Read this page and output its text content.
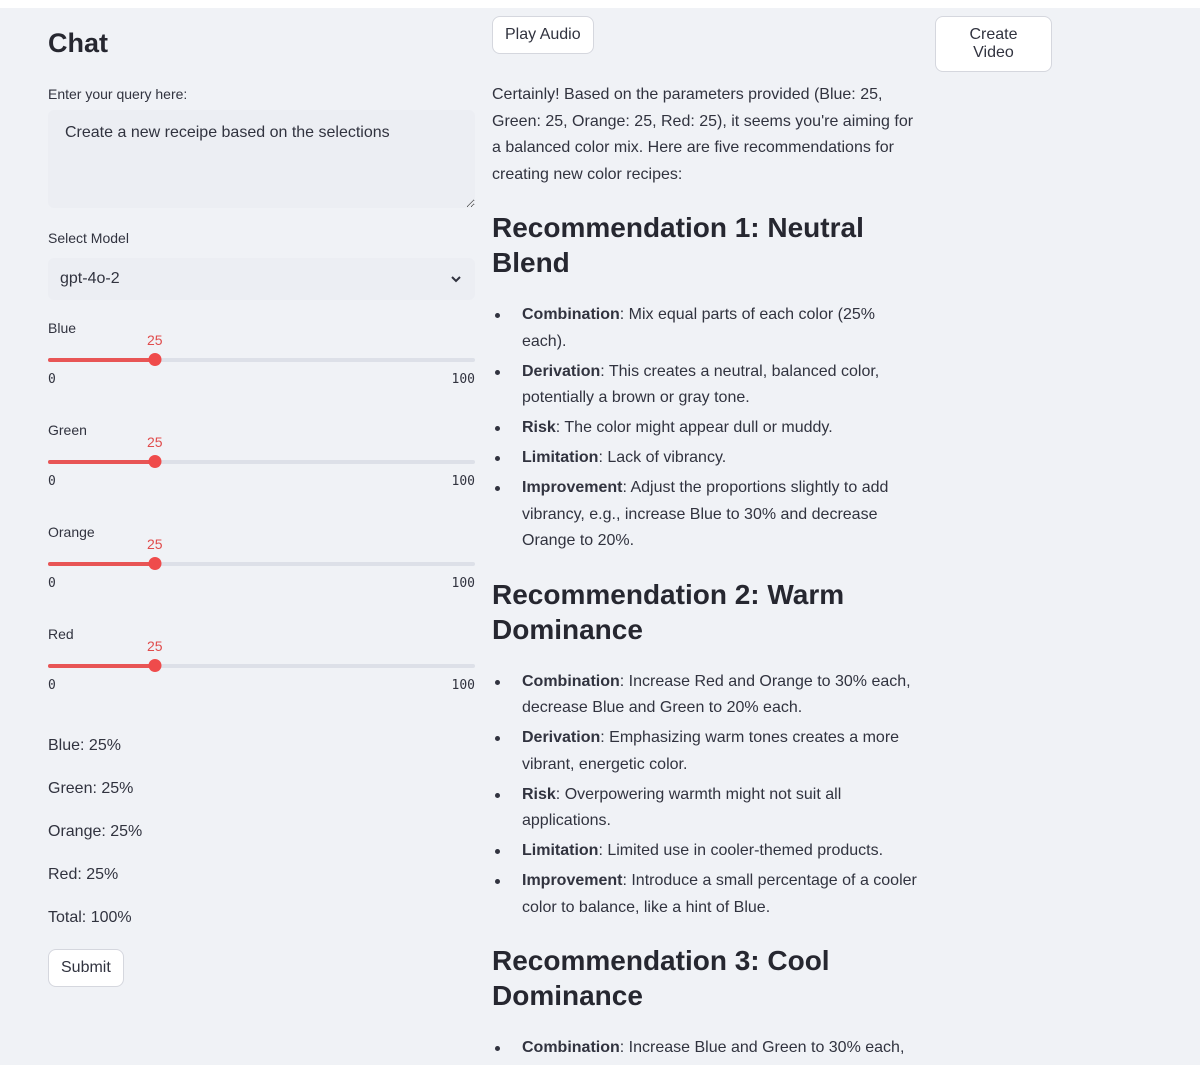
Chat
Enter your query here:
Create a new receipe based on the selections
Select Model
gpt-4o-2
Blue
25
0	100
Green
25
0	100
Orange
25
0	100
Red
25
0	100
Blue: 25%
Green: 25%
Orange: 25%
Red: 25%
Total: 100%
Submit
Play Audio	Create Video

Certainly! Based on the parameters provided (Blue: 25, Green: 25, Orange: 25, Red: 25), it seems you're aiming for a balanced color mix. Here are five recommendations for creating new color recipes:

Recommendation 1: Neutral Blend
Combination: Mix equal parts of each color (25% each).
Derivation: This creates a neutral, balanced color, potentially a brown or gray tone.
Risk: The color might appear dull or muddy.
Limitation: Lack of vibrancy.
Improvement: Adjust the proportions slightly to add vibrancy, e.g., increase Blue to 30% and decrease Orange to 20%.
Recommendation 2: Warm Dominance
Combination: Increase Red and Orange to 30% each, decrease Blue and Green to 20% each.
Derivation: Emphasizing warm tones creates a more vibrant, energetic color.
Risk: Overpowering warmth might not suit all applications.
Limitation: Limited use in cooler-themed products.
Improvement: Introduce a small percentage of a cooler color to balance, like a hint of Blue.
Recommendation 3: Cool Dominance
Combination: Increase Blue and Green to 30% each,
